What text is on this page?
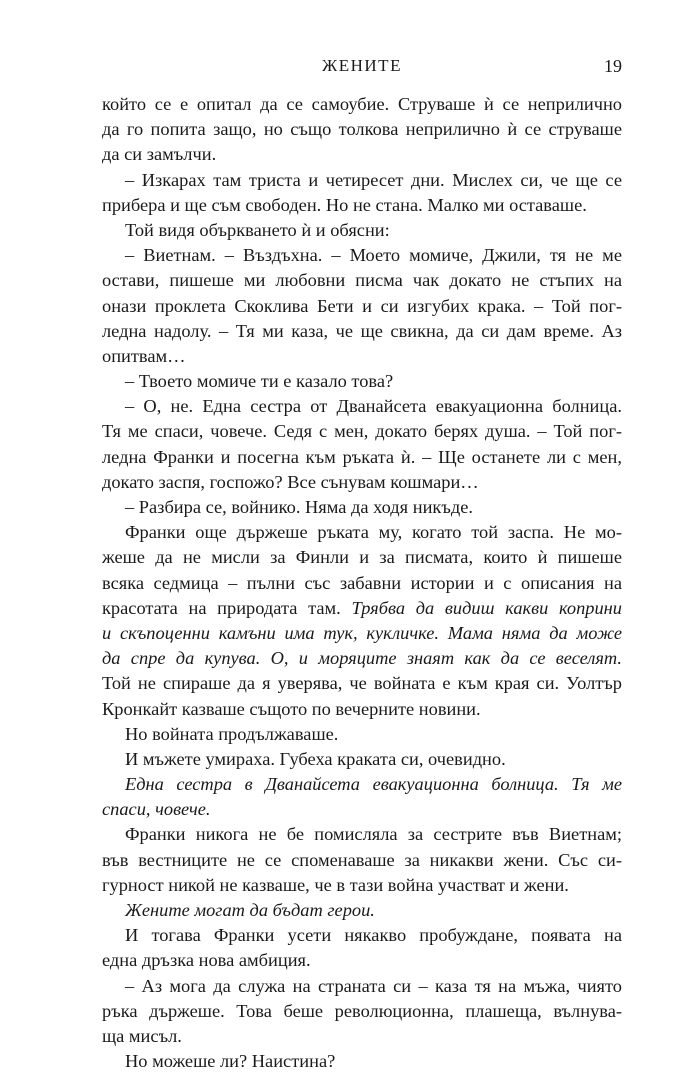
ЖЕНИТЕ	19
който се е опитал да се самоубие. Струваше ѝ се неприлично
да го попита защо, но също толкова неприлично ѝ се струваше
да си замълчи.
– Изкарах там триста и четиресет дни. Мислех си, че ще се
прибера и ще съм свободен. Но не стана. Малко ми оставаше.
Той видя объркването ѝ и обясни:
– Виетнам. – Въздъхна. – Моето момиче, Джили, тя не ме
остави, пишеше ми любовни писма чак докато не стъпих на
онази проклета Скоклива Бети и си изгубих крака. – Той пог-
ледна надолу. – Тя ми каза, че ще свикна, да си дам време. Аз
опитвам…
– Твоето момиче ти е казало това?
– О, не. Една сестра от Дванайсета евакуационна болница.
Тя ме спаси, човече. Седя с мен, докато берях душа. – Той пог-
ледна Франки и посегна към ръката ѝ. – Ще останете ли с мен,
докато заспя, госпожо? Все сънувам кошмари…
– Разбира се, войнико. Няма да ходя никъде.
Франки още държеше ръката му, когато той заспа. Не мо-
жеше да не мисли за Финли и за писмата, които ѝ пишеше
всяка седмица – пълни със забавни истории и с описания на
красотата на природата там. Трябва да видиш какви коприни
и скъпоценни камъни има тук, кукличке. Мама няма да може
да спре да купува. О, и моряците знаят как да се веселят.
Той не спираше да я уверява, че войната е към края си. Уолтър
Кронкайт казваше същото по вечерните новини.
Но войната продължаваше.
И мъжете умираха. Губеха краката си, очевидно.
Една сестра в Дванайсета евакуационна болница. Тя ме
спаси, човече.
Франки никога не бе помисляла за сестрите във Виетнам;
във вестниците не се споменаваше за никакви жени. Със си-
гурност никой не казваше, че в тази война участват и жени.
Жените могат да бъдат герои.
И тогава Франки усети някакво пробуждане, появата на
една дръзка нова амбиция.
– Аз мога да служа на страната си – каза тя на мъжа, чиято
ръка държеше. Това беше революционна, плашеща, вълнува-
ща мисъл.
Но можеше ли? Наистина?
